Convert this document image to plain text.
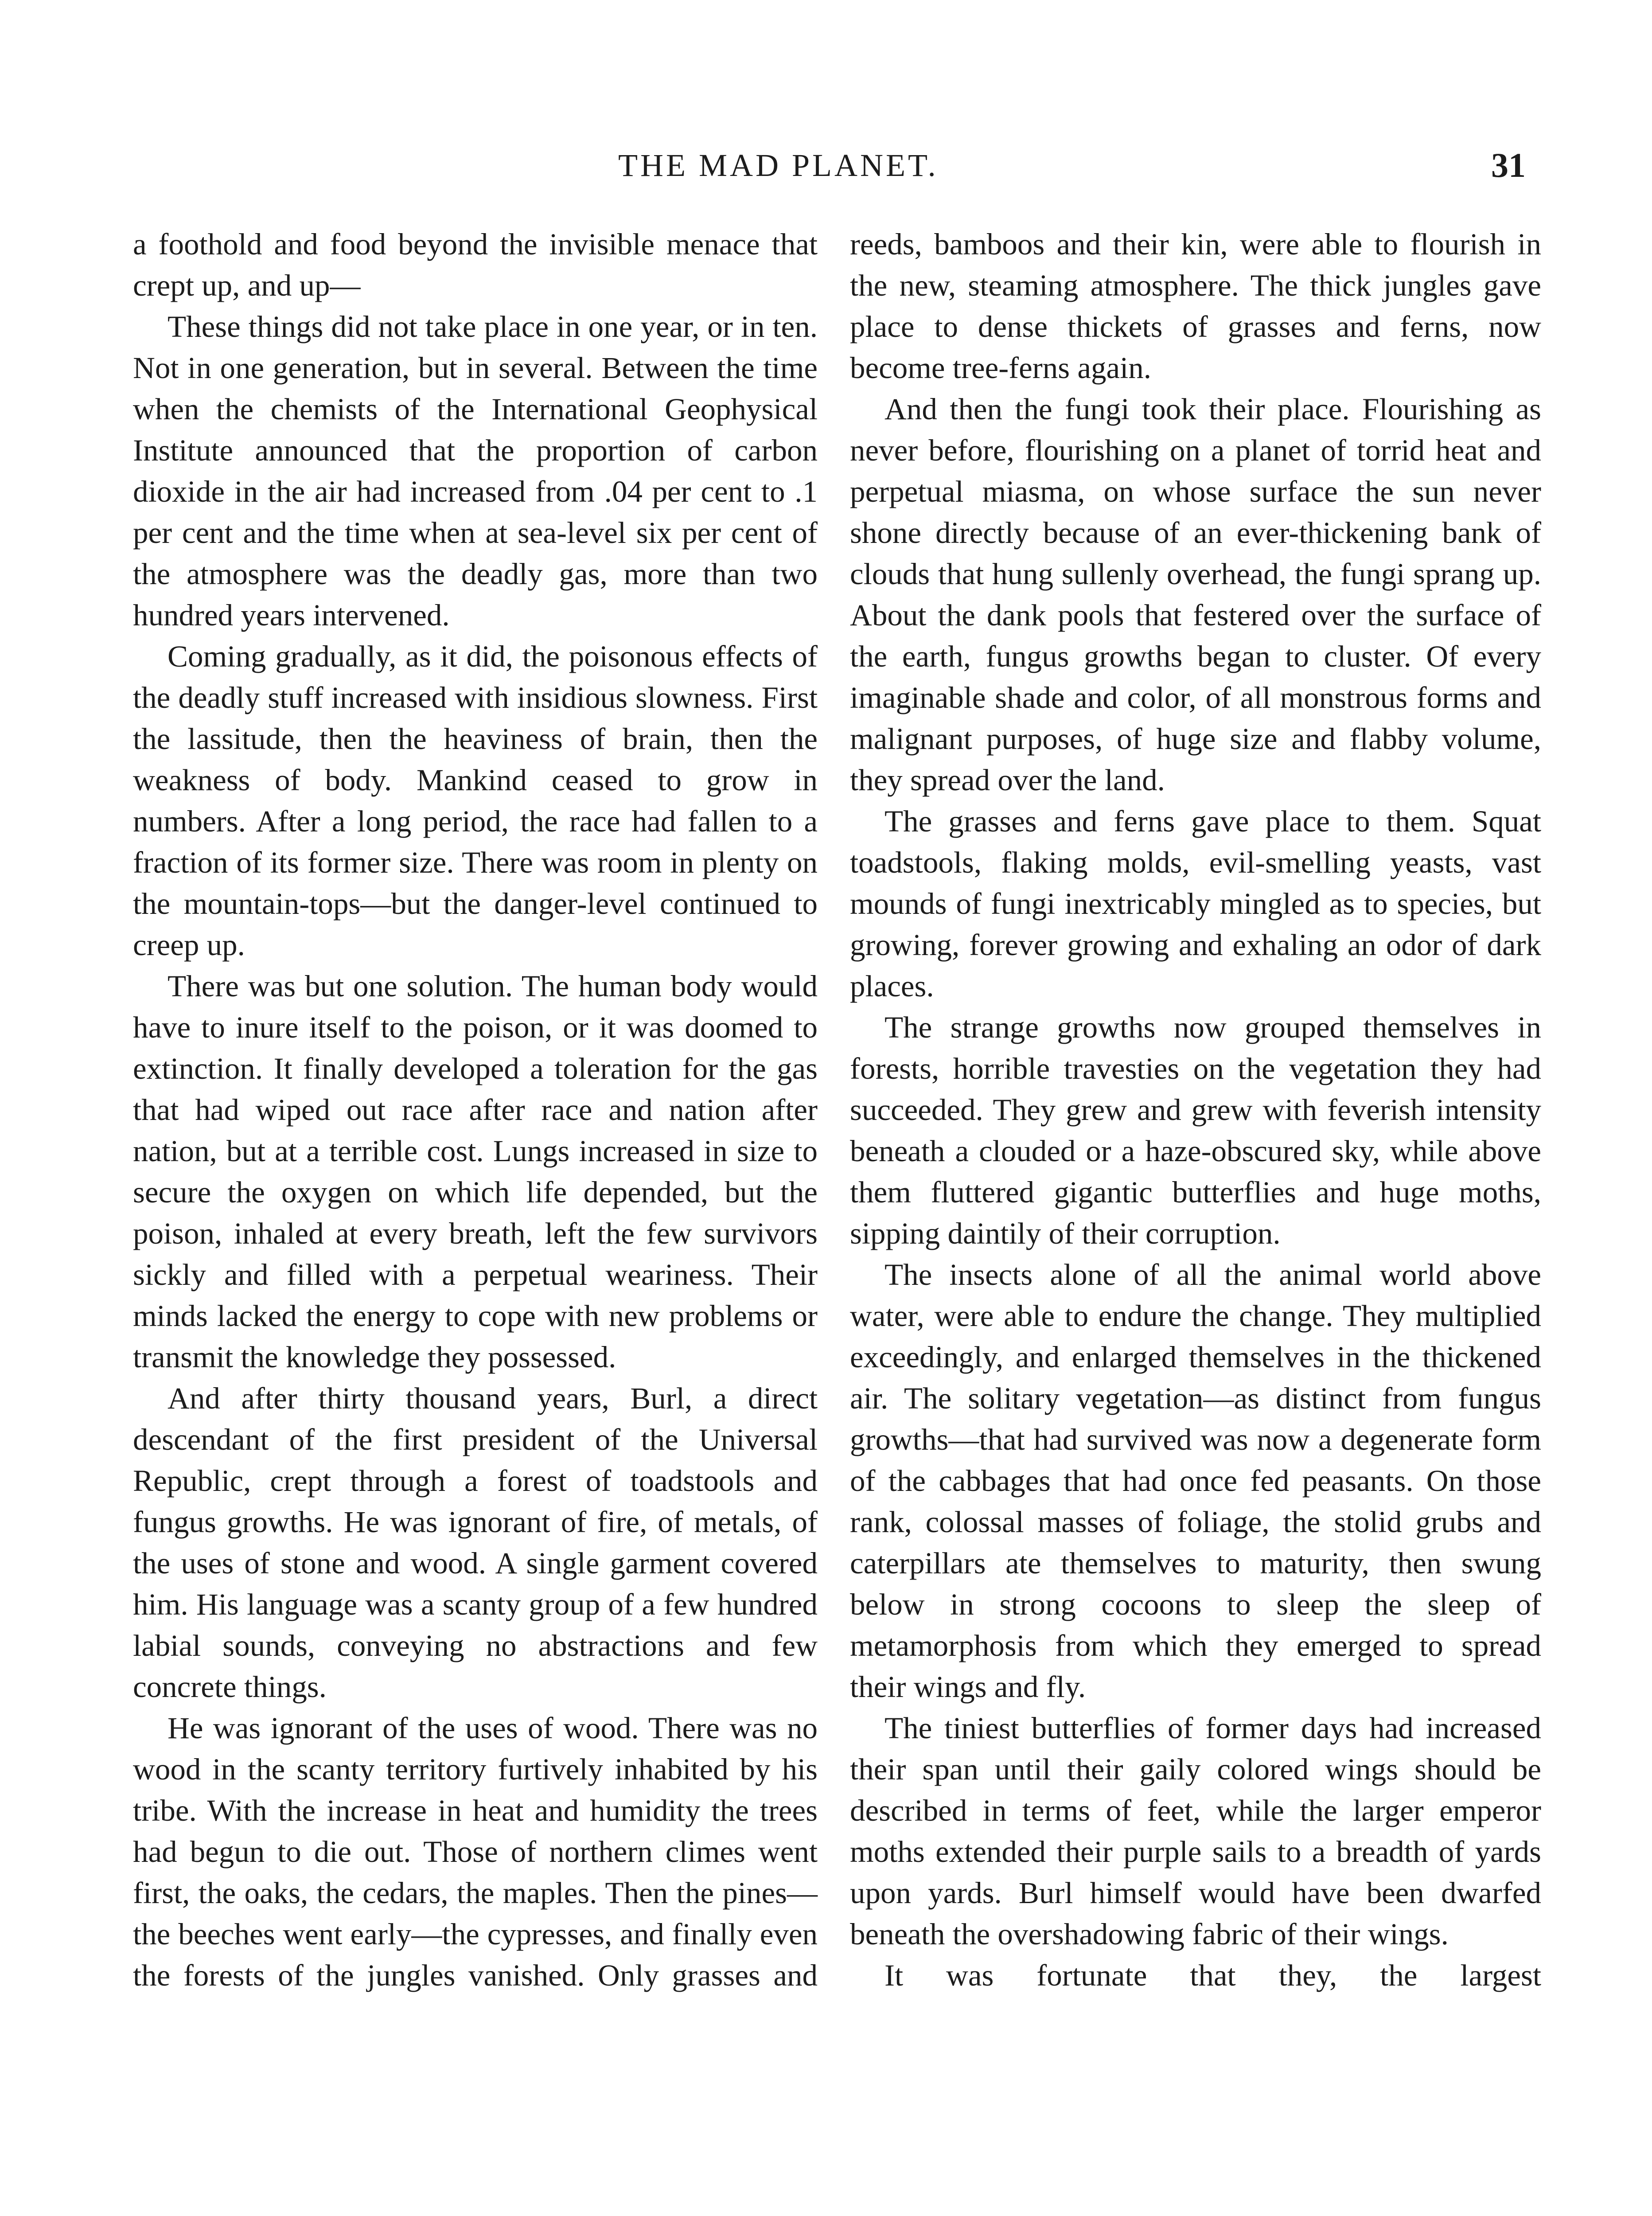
THE MAD PLANET.	31

a foothold and food beyond the invisible menace that crept up, and up—

These things did not take place in one year, or in ten. Not in one generation, but in several. Between the time when the chemists of the International Geophysical Institute announced that the proportion of carbon dioxide in the air had increased from .04 per cent to .1 per cent and the time when at sea-level six per cent of the atmosphere was the deadly gas, more than two hundred years intervened.

Coming gradually, as it did, the poisonous effects of the deadly stuff increased with insidious slowness. First the lassitude, then the heaviness of brain, then the weakness of body. Mankind ceased to grow in numbers. After a long period, the race had fallen to a fraction of its former size. There was room in plenty on the mountain-tops—but the danger-level continued to creep up.

There was but one solution. The human body would have to inure itself to the poison, or it was doomed to extinction. It finally developed a toleration for the gas that had wiped out race after race and nation after nation, but at a terrible cost. Lungs increased in size to secure the oxygen on which life depended, but the poison, inhaled at every breath, left the few survivors sickly and filled with a perpetual weariness. Their minds lacked the energy to cope with new problems or transmit the knowledge they possessed.

And after thirty thousand years, Burl, a direct descendant of the first president of the Universal Republic, crept through a forest of toadstools and fungus growths. He was ignorant of fire, of metals, of the uses of stone and wood. A single garment covered him. His language was a scanty group of a few hundred labial sounds, conveying no abstractions and few concrete things.

He was ignorant of the uses of wood. There was no wood in the scanty territory furtively inhabited by his tribe. With the increase in heat and humidity the trees had begun to die out. Those of northern climes went first, the oaks, the cedars, the maples. Then the pines—the beeches went early—the cypresses, and finally even the forests of the jungles vanished. Only grasses and

reeds, bamboos and their kin, were able to flourish in the new, steaming atmosphere. The thick jungles gave place to dense thickets of grasses and ferns, now become tree-ferns again.

And then the fungi took their place. Flourishing as never before, flourishing on a planet of torrid heat and perpetual miasma, on whose surface the sun never shone directly because of an ever-thickening bank of clouds that hung sullenly overhead, the fungi sprang up. About the dank pools that festered over the surface of the earth, fungus growths began to cluster. Of every imaginable shade and color, of all monstrous forms and malignant purposes, of huge size and flabby volume, they spread over the land.

The grasses and ferns gave place to them. Squat toadstools, flaking molds, evil-smelling yeasts, vast mounds of fungi inextricably mingled as to species, but growing, forever growing and exhaling an odor of dark places.

The strange growths now grouped themselves in forests, horrible travesties on the vegetation they had succeeded. They grew and grew with feverish intensity beneath a clouded or a haze-obscured sky, while above them fluttered gigantic butterflies and huge moths, sipping daintily of their corruption.

The insects alone of all the animal world above water, were able to endure the change. They multiplied exceedingly, and enlarged themselves in the thickened air. The solitary vegetation—as distinct from fungus growths—that had survived was now a degenerate form of the cabbages that had once fed peasants. On those rank, colossal masses of foliage, the stolid grubs and caterpillars ate themselves to maturity, then swung below in strong cocoons to sleep the sleep of metamorphosis from which they emerged to spread their wings and fly.

The tiniest butterflies of former days had increased their span until their gaily colored wings should be described in terms of feet, while the larger emperor moths extended their purple sails to a breadth of yards upon yards. Burl himself would have been dwarfed beneath the overshadowing fabric of their wings.

It was fortunate that they, the largest
